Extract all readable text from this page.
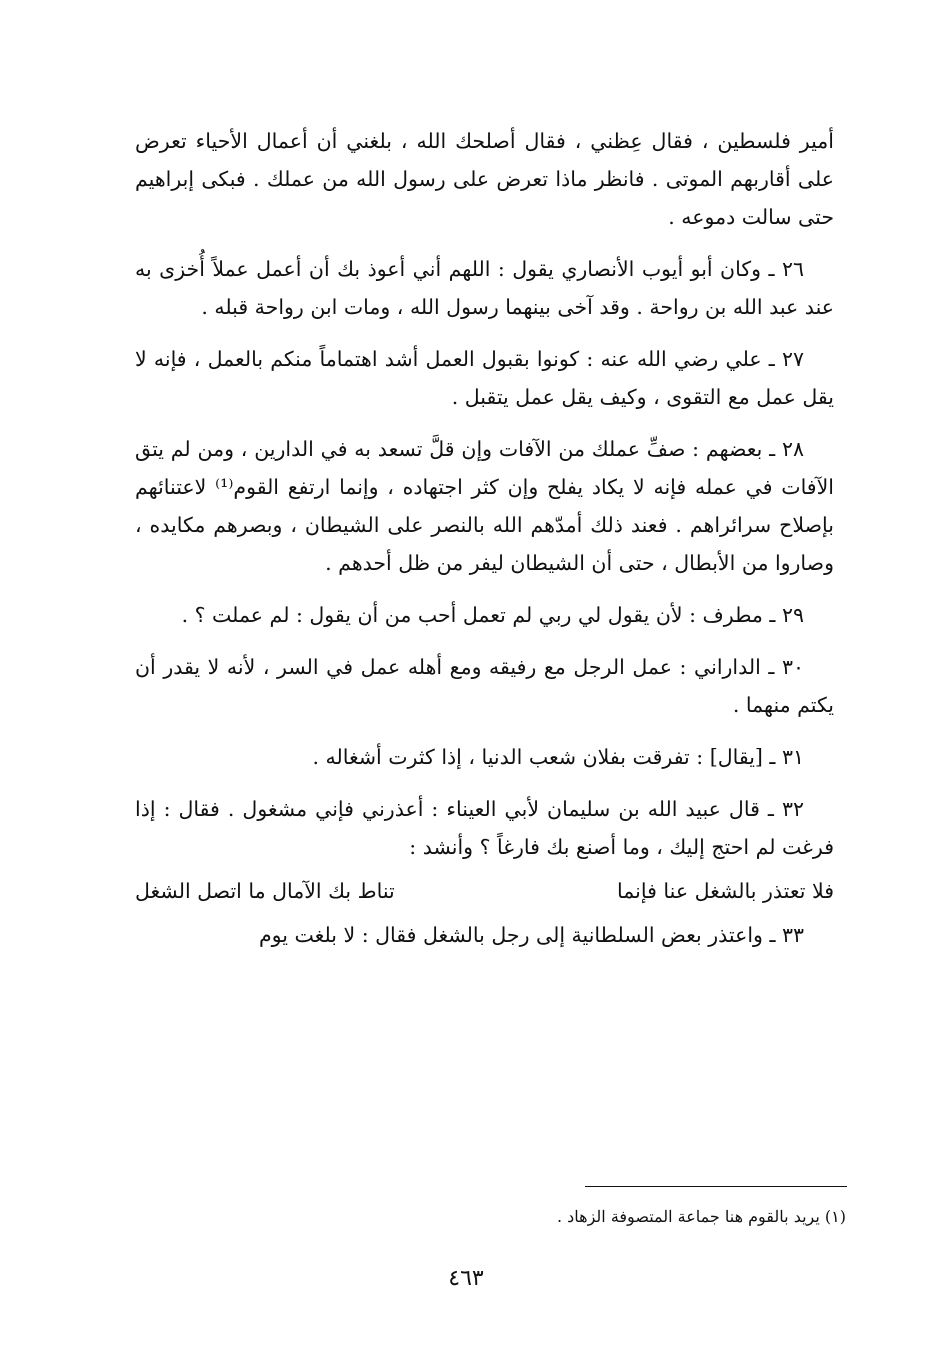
أمير فلسطين ، فقال عِظني ، فقال أصلحك الله ، بلغني أن أعمال الأحياء تعرض على أقاربهم الموتى . فانظر ماذا تعرض على رسول الله من عملك . فبكى إبراهيم حتى سالت دموعه .

٢٦ ـ وكان أبو أيوب الأنصاري يقول : اللهم أني أعوذ بك أن أعمل عملاً أُخزى به عند عبد الله بن رواحة . وقد آخى بينهما رسول الله ، ومات ابن رواحة قبله .

٢٧ ـ علي رضي الله عنه : كونوا بقبول العمل أشد اهتماماً منكم بالعمل ، فإنه لا يقل عمل مع التقوى ، وكيف يقل عمل يتقبل .

٢٨ ـ بعضهم : صفِّ عملك من الآفات وإن قلَّ تسعد به في الدارين ، ومن لم يتق الآفات في عمله فإنه لا يكاد يفلح وإن كثر اجتهاده ، وإنما ارتفع القوم⁽¹⁾ لاعتنائهم بإصلاح سرائراهم . فعند ذلك أمدّهم الله بالنصر على الشيطان ، وبصرهم مكايده ، وصاروا من الأبطال ، حتى أن الشيطان ليفر من ظل أحدهم .

٢٩ ـ مطرف : لأن يقول لي ربي لم تعمل أحب من أن يقول : لم عملت ؟ .

٣٠ ـ الداراني : عمل الرجل مع رفيقه ومع أهله عمل في السر ، لأنه لا يقدر أن يكتم منهما .

٣١ ـ [يقال] : تفرقت بفلان شعب الدنيا ، إذا كثرت أشغاله .

٣٢ ـ قال عبيد الله بن سليمان لأبي العيناء : أعذرني فإني مشغول . فقال : إذا فرغت لم احتج إليك ، وما أصنع بك فارغاً ؟ وأنشد :

فلا تعتذر بالشغل عنا فإنما
تناط بك الآمال ما اتصل الشغل

٣٣ ـ واعتذر بعض السلطانية إلى رجل بالشغل فقال : لا بلغت يوم

(١) يريد بالقوم هنا جماعة المتصوفة الزهاد .
٤٦٣
